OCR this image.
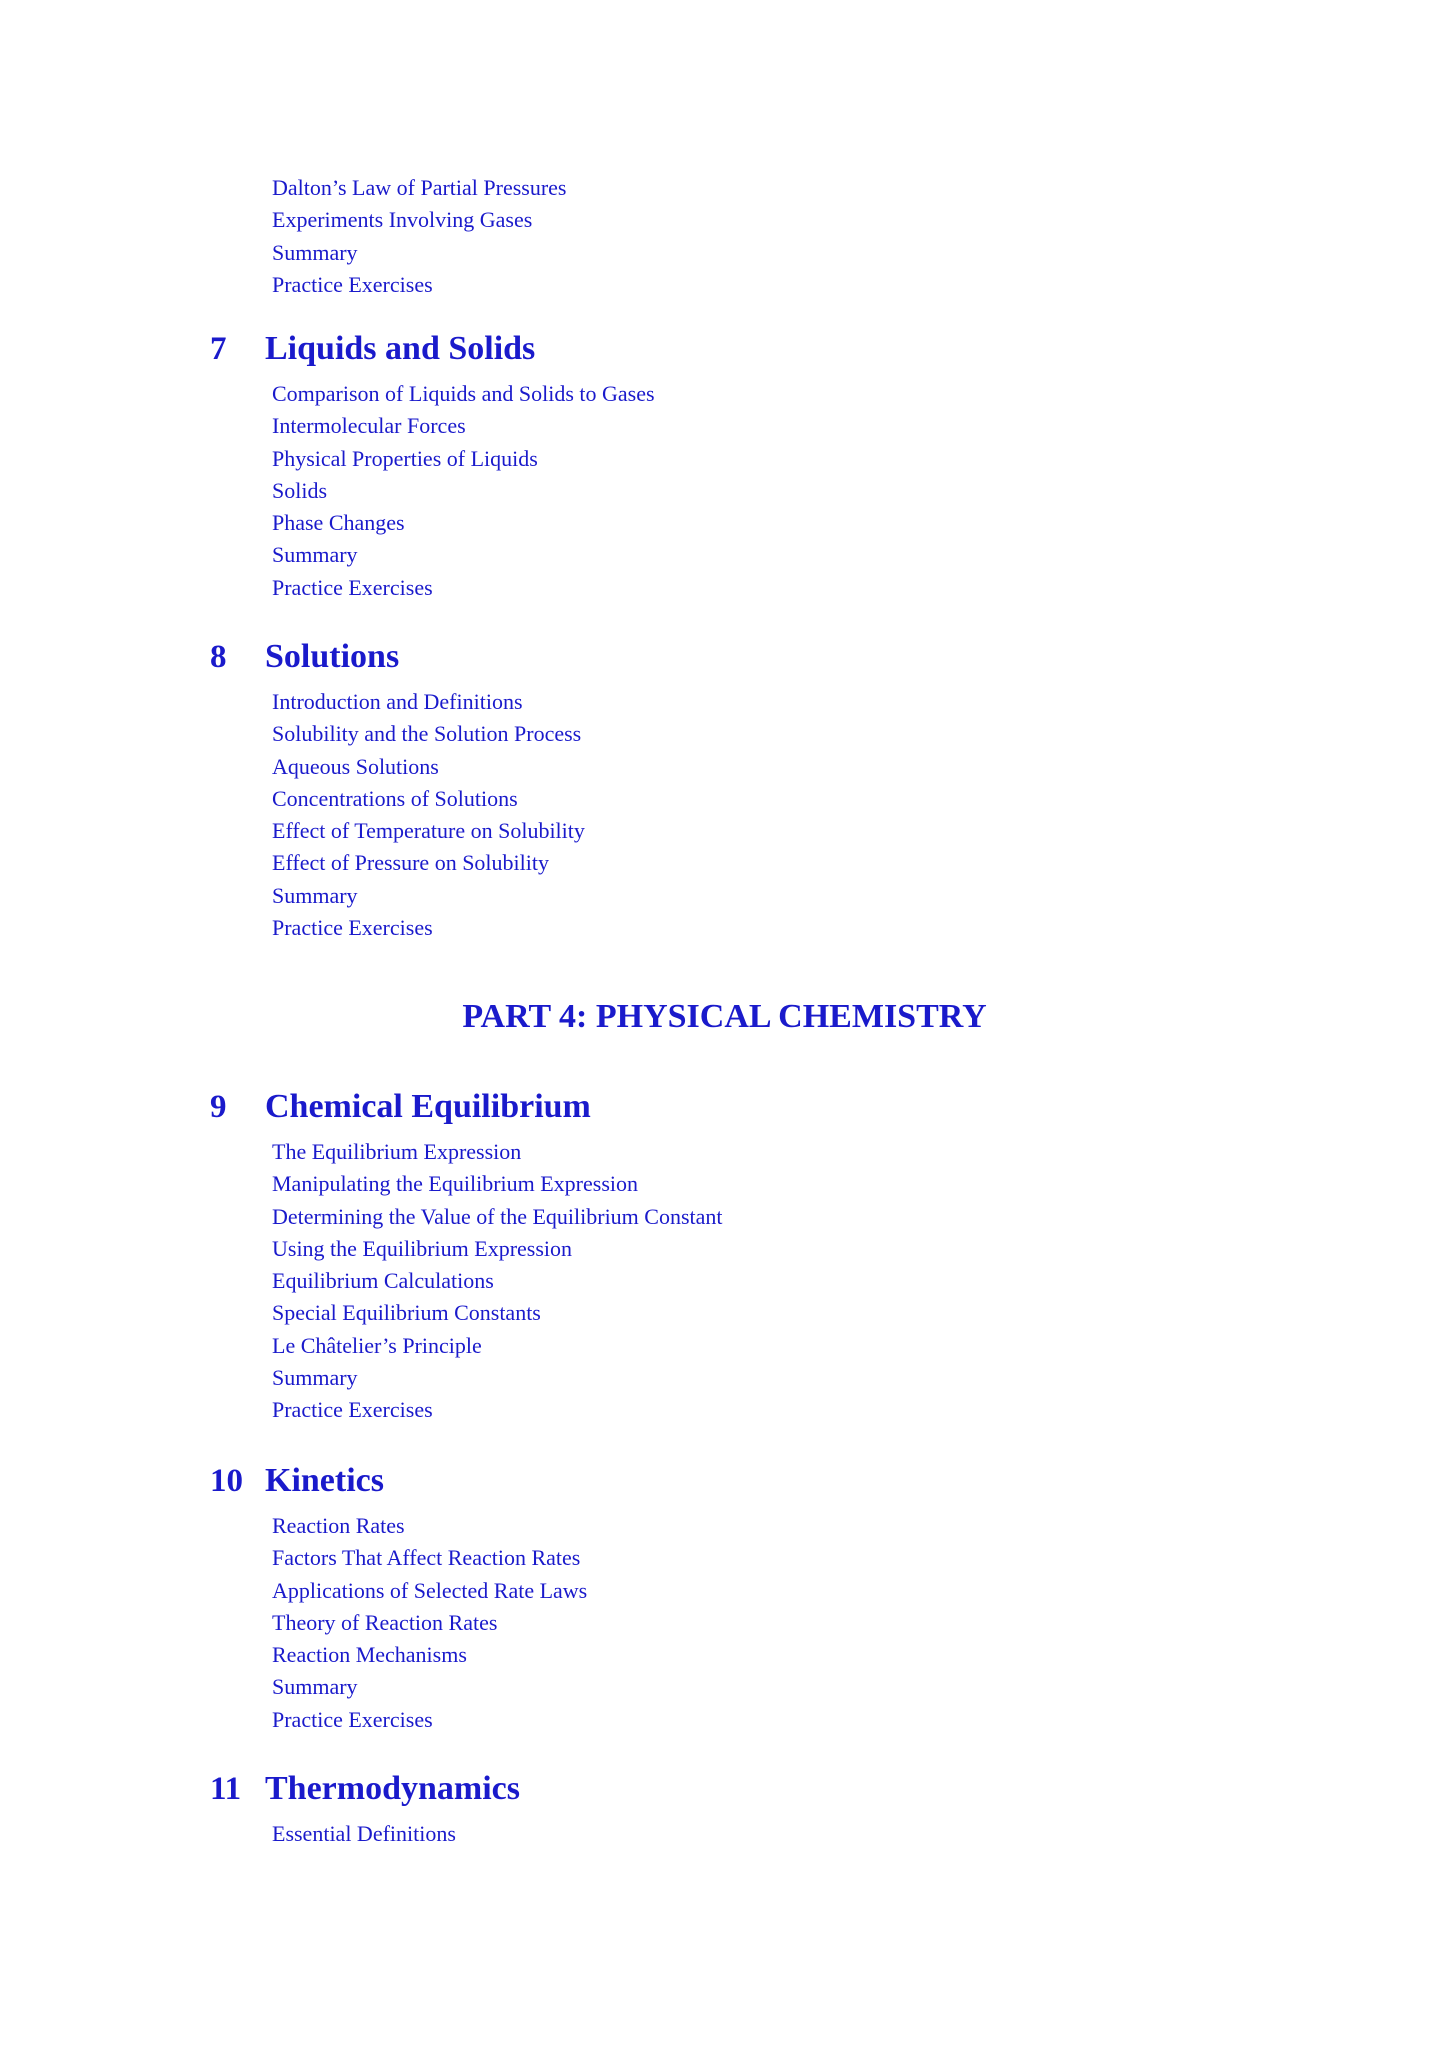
Dalton’s Law of Partial Pressures
Experiments Involving Gases
Summary
Practice Exercises
7	Liquids and Solids
Comparison of Liquids and Solids to Gases
Intermolecular Forces
Physical Properties of Liquids
Solids
Phase Changes
Summary
Practice Exercises
8	Solutions
Introduction and Definitions
Solubility and the Solution Process
Aqueous Solutions
Concentrations of Solutions
Effect of Temperature on Solubility
Effect of Pressure on Solubility
Summary
Practice Exercises
PART 4: PHYSICAL CHEMISTRY
9	Chemical Equilibrium
The Equilibrium Expression
Manipulating the Equilibrium Expression
Determining the Value of the Equilibrium Constant
Using the Equilibrium Expression
Equilibrium Calculations
Special Equilibrium Constants
Le Châtelier’s Principle
Summary
Practice Exercises
10 Kinetics
Reaction Rates
Factors That Affect Reaction Rates
Applications of Selected Rate Laws
Theory of Reaction Rates
Reaction Mechanisms
Summary
Practice Exercises
11 Thermodynamics
Essential Definitions
